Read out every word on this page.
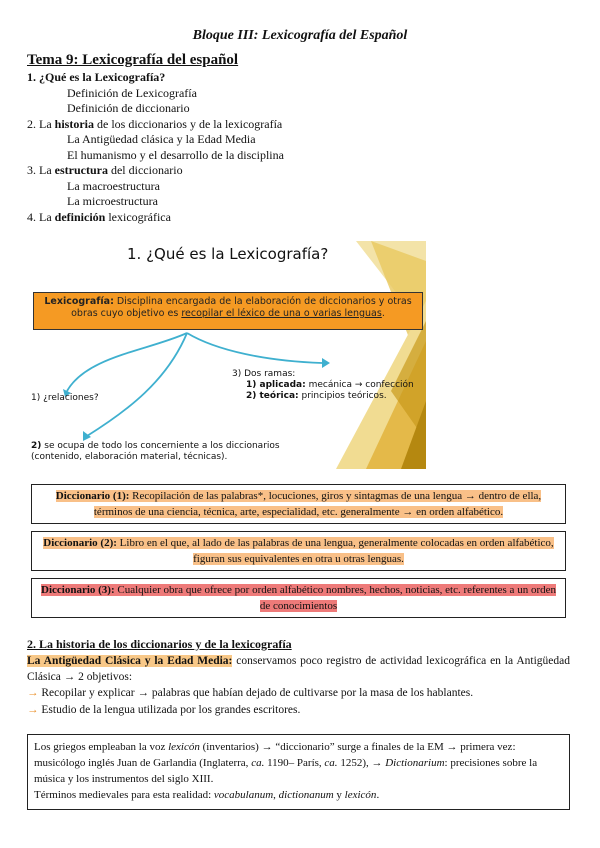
Bloque III: Lexicografía del Español
Tema 9: Lexicografía del español
1. ¿Qué es la Lexicografía?
Definición de Lexicografía
Definición de diccionario
2. La historia de los diccionarios y de la lexicografía
La Antigüedad clásica y la Edad Media
El humanismo y el desarrollo de la disciplina
3. La estructura del diccionario
La macroestructura
La microestructura
4. La definición lexicográfica
1. ¿Qué es la Lexicografía?
Lexicografía: Disciplina encargada de la elaboración de diccionarios y otras
obras cuyo objetivo es recopilar el léxico de una o varias lenguas.
1) ¿relaciones?
3) Dos ramas:
1) aplicada: mecánica → confección
2) teórica: principios teóricos.
2) se ocupa de todo los concerniente a los diccionarios
(contenido, elaboración material, técnicas).
Diccionario (1): Recopilación de las palabras*, locuciones, giros y sintagmas de una lengua → dentro de ella, términos de una ciencia, técnica, arte, especialidad, etc. generalmente → en orden alfabético.
Diccionario (2): Libro en el que, al lado de las palabras de una lengua, generalmente colocadas en orden alfabético, figuran sus equivalentes en otra u otras lenguas.
Diccionario (3): Cualquier obra que ofrece por orden alfabético nombres, hechos, noticias, etc. referentes a un orden de conocimientos
2. La historia de los diccionarios y de la lexicografía
La Antigüedad Clásica y la Edad Media: conservamos poco registro de actividad lexicográfica en la Antigüedad Clásica → 2 objetivos:
→ Recopilar y explicar → palabras que habían dejado de cultivarse por la masa de los hablantes.
→ Estudio de la lengua utilizada por los grandes escritores.
Los griegos empleaban la voz lexicón (inventarios) → “diccionario” surge a finales de la EM → primera vez: musicólogo inglés Juan de Garlandia (Inglaterra, ca. 1190– París, ca. 1252), → Dictionarium: precisiones sobre la música y los instrumentos del siglo XIII.
Términos medievales para esta realidad: vocabulanum, dictionanum y lexicón.
